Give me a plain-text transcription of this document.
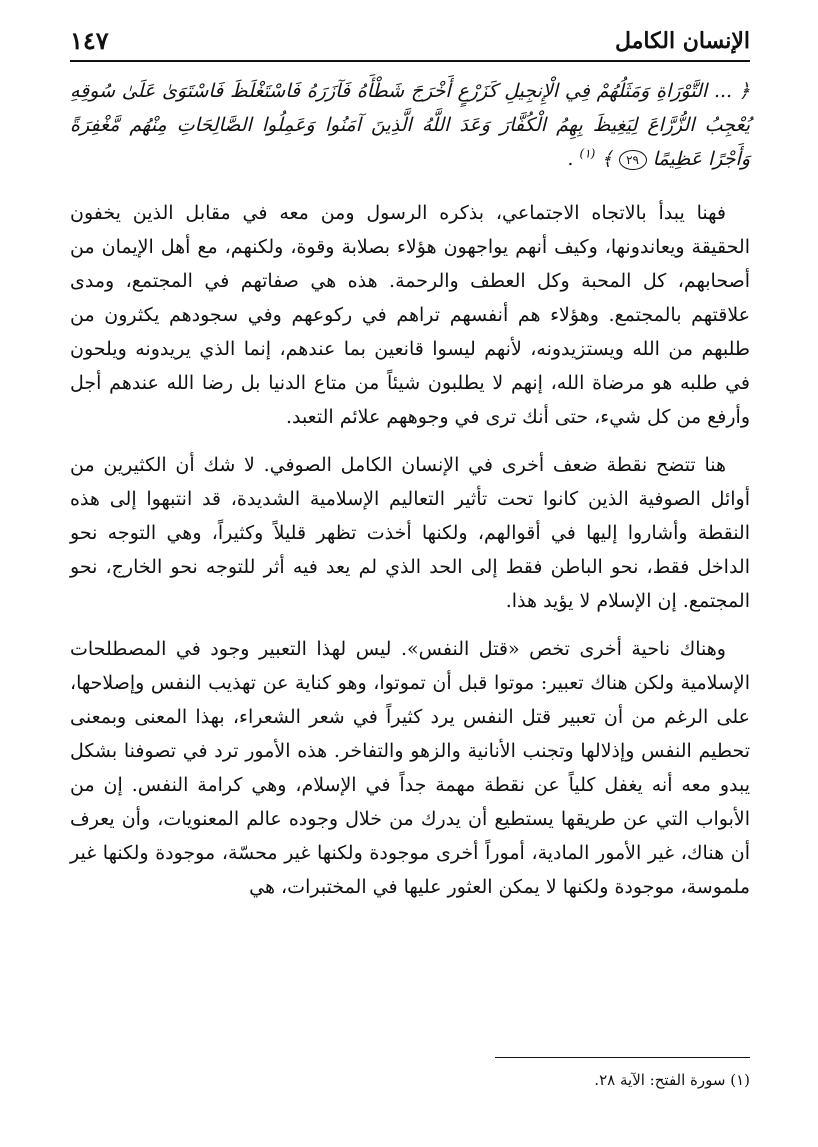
الإنسان الكامل
١٤٧
﴿ ... التَّوْرَاةِ وَمَثَلُهُمْ فِي الْإِنجِيلِ كَزَرْعٍ أَخْرَجَ شَطْأَهُ فَآزَرَهُ فَاسْتَغْلَظَ فَاسْتَوَىٰ عَلَىٰ سُوقِهِ يُعْجِبُ الزُّرَّاعَ لِيَغِيظَ بِهِمُ الْكُفَّارَ وَعَدَ اللَّهُ الَّذِينَ آمَنُوا وَعَمِلُوا الصَّالِحَاتِ مِنْهُم مَّغْفِرَةً وَأَجْرًا عَظِيمًا ٢٩ ﴾ $^{(١)}$ .

فهنا يبدأ بالاتجاه الاجتماعي، بذكره الرسول ومن معه في مقابل الذين يخفون الحقيقة ويعاندونها، وكيف أنهم يواجهون هؤلاء بصلابة وقوة، ولكنهم، مع أهل الإيمان من أصحابهم، كل المحبة وكل العطف والرحمة. هذه هي صفاتهم في المجتمع، ومدى علاقتهم بالمجتمع. وهؤلاء هم أنفسهم تراهم في ركوعهم وفي سجودهم يكثرون من طلبهم من الله ويستزيدونه، لأنهم ليسوا قانعين بما عندهم، إنما الذي يريدونه ويلحون في طلبه هو مرضاة الله، إنهم لا يطلبون شيئاً من متاع الدنيا بل رضا الله عندهم أجل وأرفع من كل شيء، حتى أنك ترى في وجوههم علائم التعبد.

هنا تتضح نقطة ضعف أخرى في الإنسان الكامل الصوفي. لا شك أن الكثيرين من أوائل الصوفية الذين كانوا تحت تأثير التعاليم الإسلامية الشديدة، قد انتبهوا إلى هذه النقطة وأشاروا إليها في أقوالهم، ولكنها أخذت تظهر قليلاً وكثيراً، وهي التوجه نحو الداخل فقط، نحو الباطن فقط إلى الحد الذي لم يعد فيه أثر للتوجه نحو الخارج، نحو المجتمع. إن الإسلام لا يؤيد هذا.

وهناك ناحية أخرى تخص «قتل النفس». ليس لهذا التعبير وجود في المصطلحات الإسلامية ولكن هناك تعبير: موتوا قبل أن تموتوا، وهو كناية عن تهذيب النفس وإصلاحها، على الرغم من أن تعبير قتل النفس يرد كثيراً في شعر الشعراء، بهذا المعنى وبمعنى تحطيم النفس وإذلالها وتجنب الأنانية والزهو والتفاخر. هذه الأمور ترد في تصوفنا بشكل يبدو معه أنه يغفل كلياً عن نقطة مهمة جداً في الإسلام، وهي كرامة النفس. إن من الأبواب التي عن طريقها يستطيع أن يدرك من خلال وجوده عالم المعنويات، وأن يعرف أن هناك، غير الأمور المادية، أموراً أخرى موجودة ولكنها غير محسّة، موجودة ولكنها غير ملموسة، موجودة ولكنها لا يمكن العثور عليها في المختبرات، هي

(١) سورة الفتح: الآية ٢٨.
